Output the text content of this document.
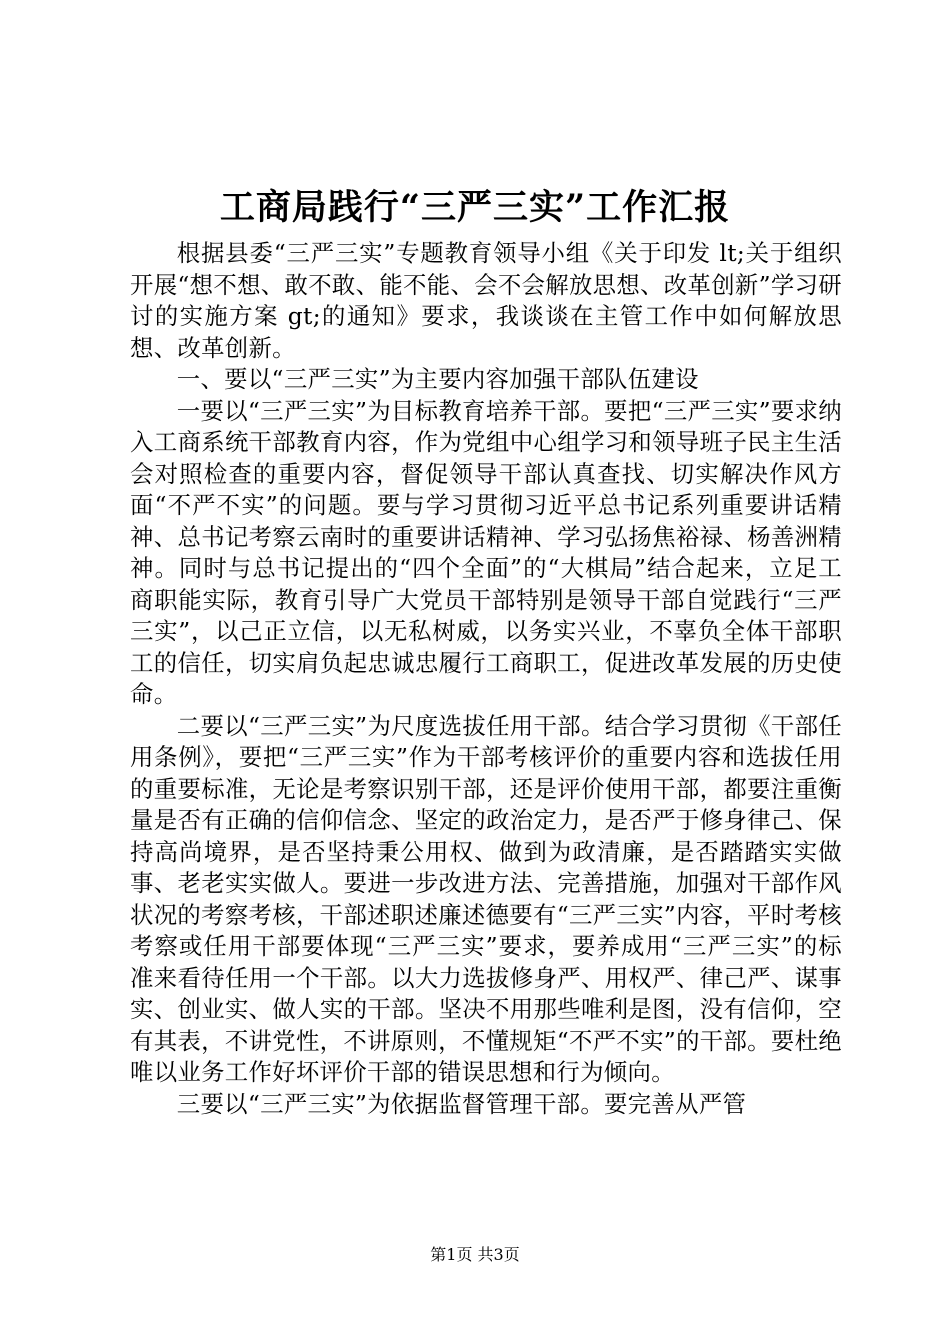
工商局践行“三严三实”工作汇报

根据县委“三严三实”专题教育领导小组《关于印发 lt;关于组织开展“想不想、敢不敢、能不能、会不会解放思想、改革创新”学习研讨的实施方案 gt;的通知》要求，我谈谈在主管工作中如何解放思想、改革创新。

一、要以“三严三实”为主要内容加强干部队伍建设

一要以“三严三实”为目标教育培养干部。要把“三严三实”要求纳入工商系统干部教育内容，作为党组中心组学习和领导班子民主生活会对照检查的重要内容，督促领导干部认真查找、切实解决作风方面“不严不实”的问题。要与学习贯彻习近平总书记系列重要讲话精神、总书记考察云南时的重要讲话精神、学习弘扬焦裕禄、杨善洲精神。同时与总书记提出的“四个全面”的“大棋局”结合起来，立足工商职能实际，教育引导广大党员干部特别是领导干部自觉践行“三严三实”，以己正立信，以无私树威，以务实兴业，不辜负全体干部职工的信任，切实肩负起忠诚忠履行工商职工，促进改革发展的历史使命。

二要以“三严三实”为尺度选拔任用干部。结合学习贯彻《干部任用条例》，要把“三严三实”作为干部考核评价的重要内容和选拔任用的重要标准，无论是考察识别干部，还是评价使用干部，都要注重衡量是否有正确的信仰信念、坚定的政治定力，是否严于修身律己、保持高尚境界，是否坚持秉公用权、做到为政清廉，是否踏踏实实做事、老老实实做人。要进一步改进方法、完善措施，加强对干部作风状况的考察考核，干部述职述廉述德要有“三严三实”内容，平时考核考察或任用干部要体现“三严三实”要求，要养成用“三严三实”的标准来看待任用一个干部。以大力选拔修身严、用权严、律己严、谋事实、创业实、做人实的干部。坚决不用那些唯利是图，没有信仰，空有其表，不讲党性，不讲原则，不懂规矩“不严不实”的干部。要杜绝唯以业务工作好坏评价干部的错误思想和行为倾向。

三要以“三严三实”为依据监督管理干部。要完善从严管

第1页 共3页
